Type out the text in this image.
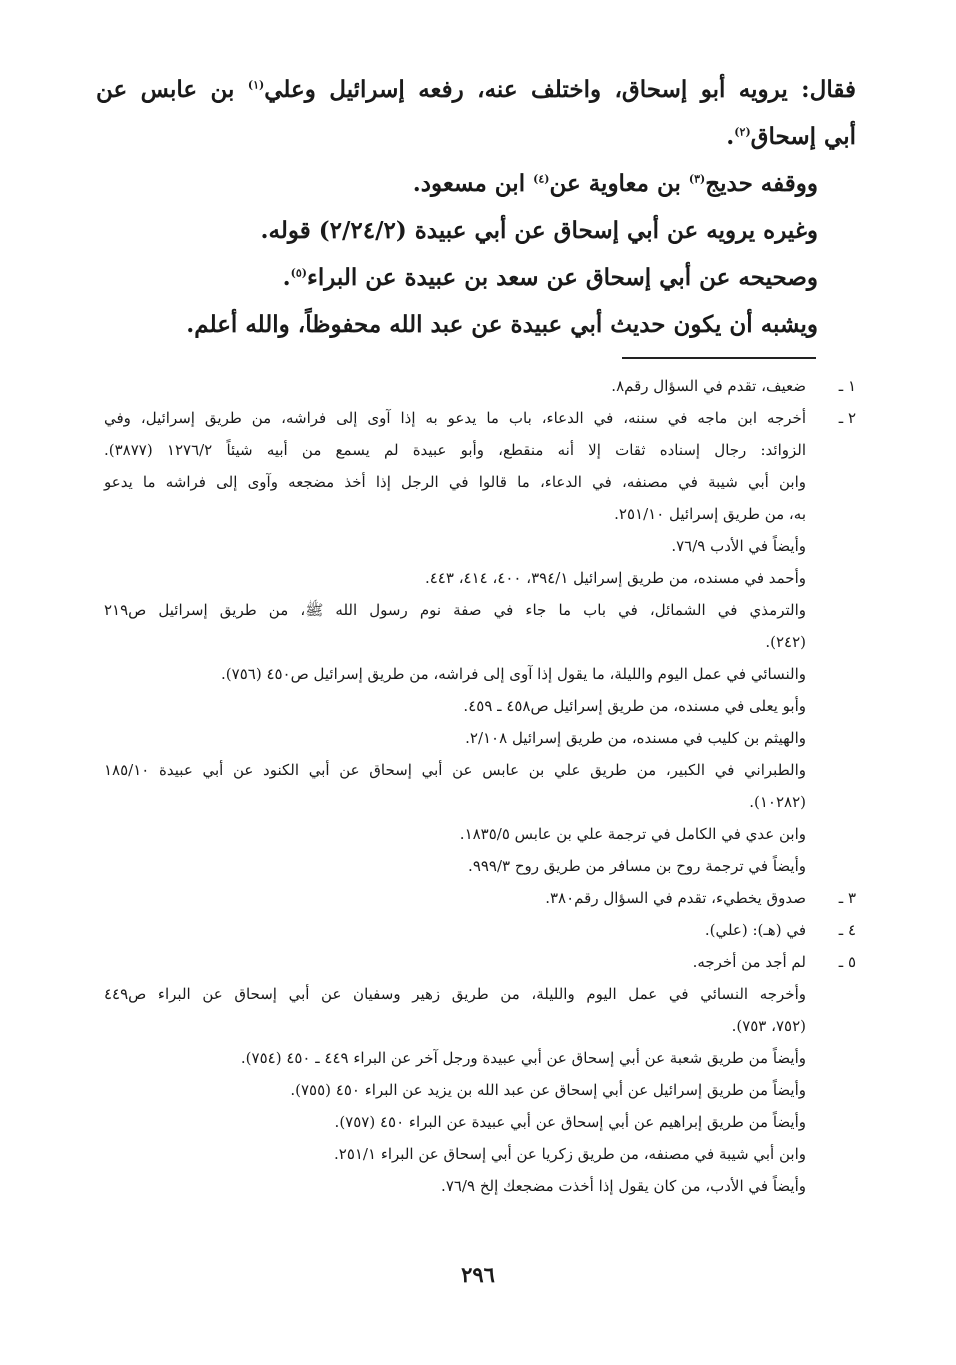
فقال: يرويه أبو إسحاق، واختلف عنه، رفعه إسرائيل وعلي$^{(١)}$ بن عابس عن

أبي إسحاق$^{(٢)}$.

ووقفه حديج$^{(٣)}$ بن معاوية عن$^{(٤)}$ ابن مسعود.

وغيره يرويه عن أبي إسحاق عن أبي عبيدة (٢/٢٤/٢) قوله.

وصحيحه عن أبي إسحاق عن سعد بن عبيدة عن البراء$^{(٥)}$.

ويشبه أن يكون حديث أبي عبيدة عن عبد الله محفوظاً، والله أعلم.

١ ـ
ضعيف، تقدم في السؤال رقم٨.
٢ ـ
أخرجه ابن ماجه في سننه، في الدعاء، باب ما يدعو به إذا آوى إلى فراشه، من طريق إسرائيل، وفي
الزوائد: رجال إسناده ثقات إلا أنه منقطع، وأبو عبيدة لم يسمع من أبيه شيئاً ١٢٧٦/٢ (٣٨٧٧).
وابن أبي شيبة في مصنفه، في الدعاء، ما قالوا في الرجل إذا أخذ مضجعه وآوى إلى فراشه ما يدعو
به، من طريق إسرائيل ٢٥١/١٠.
وأيضاً في الأدب ٧٦/٩.
وأحمد في مسنده، من طريق إسرائيل ٣٩٤/١، ٤٠٠، ٤١٤، ٤٤٣.
والترمذي في الشمائل، في باب ما جاء في صفة نوم رسول الله ﷺ، من طريق إسرائيل ص٢١٩
(٢٤٢).
والنسائي في عمل اليوم والليلة، ما يقول إذا آوى إلى فراشه، من طريق إسرائيل ص٤٥٠ (٧٥٦).
وأبو يعلى في مسنده، من طريق إسرائيل ص٤٥٨ ـ ٤٥٩.
والهيثم بن كليب في مسنده، من طريق إسرائيل ٢/١٠٨.
والطبراني في الكبير، من طريق علي بن عابس عن أبي إسحاق عن أبي الكنود عن أبي عبيدة ١٨٥/١٠
(١٠٢٨٢).
وابن عدي في الكامل في ترجمة علي بن عابس ١٨٣٥/٥.
وأيضاً في ترجمة روح بن مسافر من طريق روح ٩٩٩/٣.
٣ ـ
صدوق يخطيء، تقدم في السؤال رقم٣٨٠.
٤ ـ
في (هـ): (علي).
٥ ـ
لم أجد من أخرجه.
وأخرجه النسائي في عمل اليوم والليلة، من طريق زهير وسفيان عن أبي إسحاق عن البراء ص٤٤٩
(٧٥٢، ٧٥٣).
وأيضاً من طريق شعبة عن أبي إسحاق عن أبي عبيدة ورجل آخر عن البراء ٤٤٩ ـ ٤٥٠ (٧٥٤).
وأيضاً من طريق إسرائيل عن أبي إسحاق عن عبد الله بن يزيد عن البراء ٤٥٠ (٧٥٥).
وأيضاً من طريق إبراهيم عن أبي إسحاق عن أبي عبيدة عن البراء ٤٥٠ (٧٥٧).
وابن أبي شيبة في مصنفه، من طريق زكريا عن أبي إسحاق عن البراء ٢٥١/١.
وأيضاً في الأدب، من كان يقول إذا أخذت مضجعك إلخ ٧٦/٩.
٢٩٦
